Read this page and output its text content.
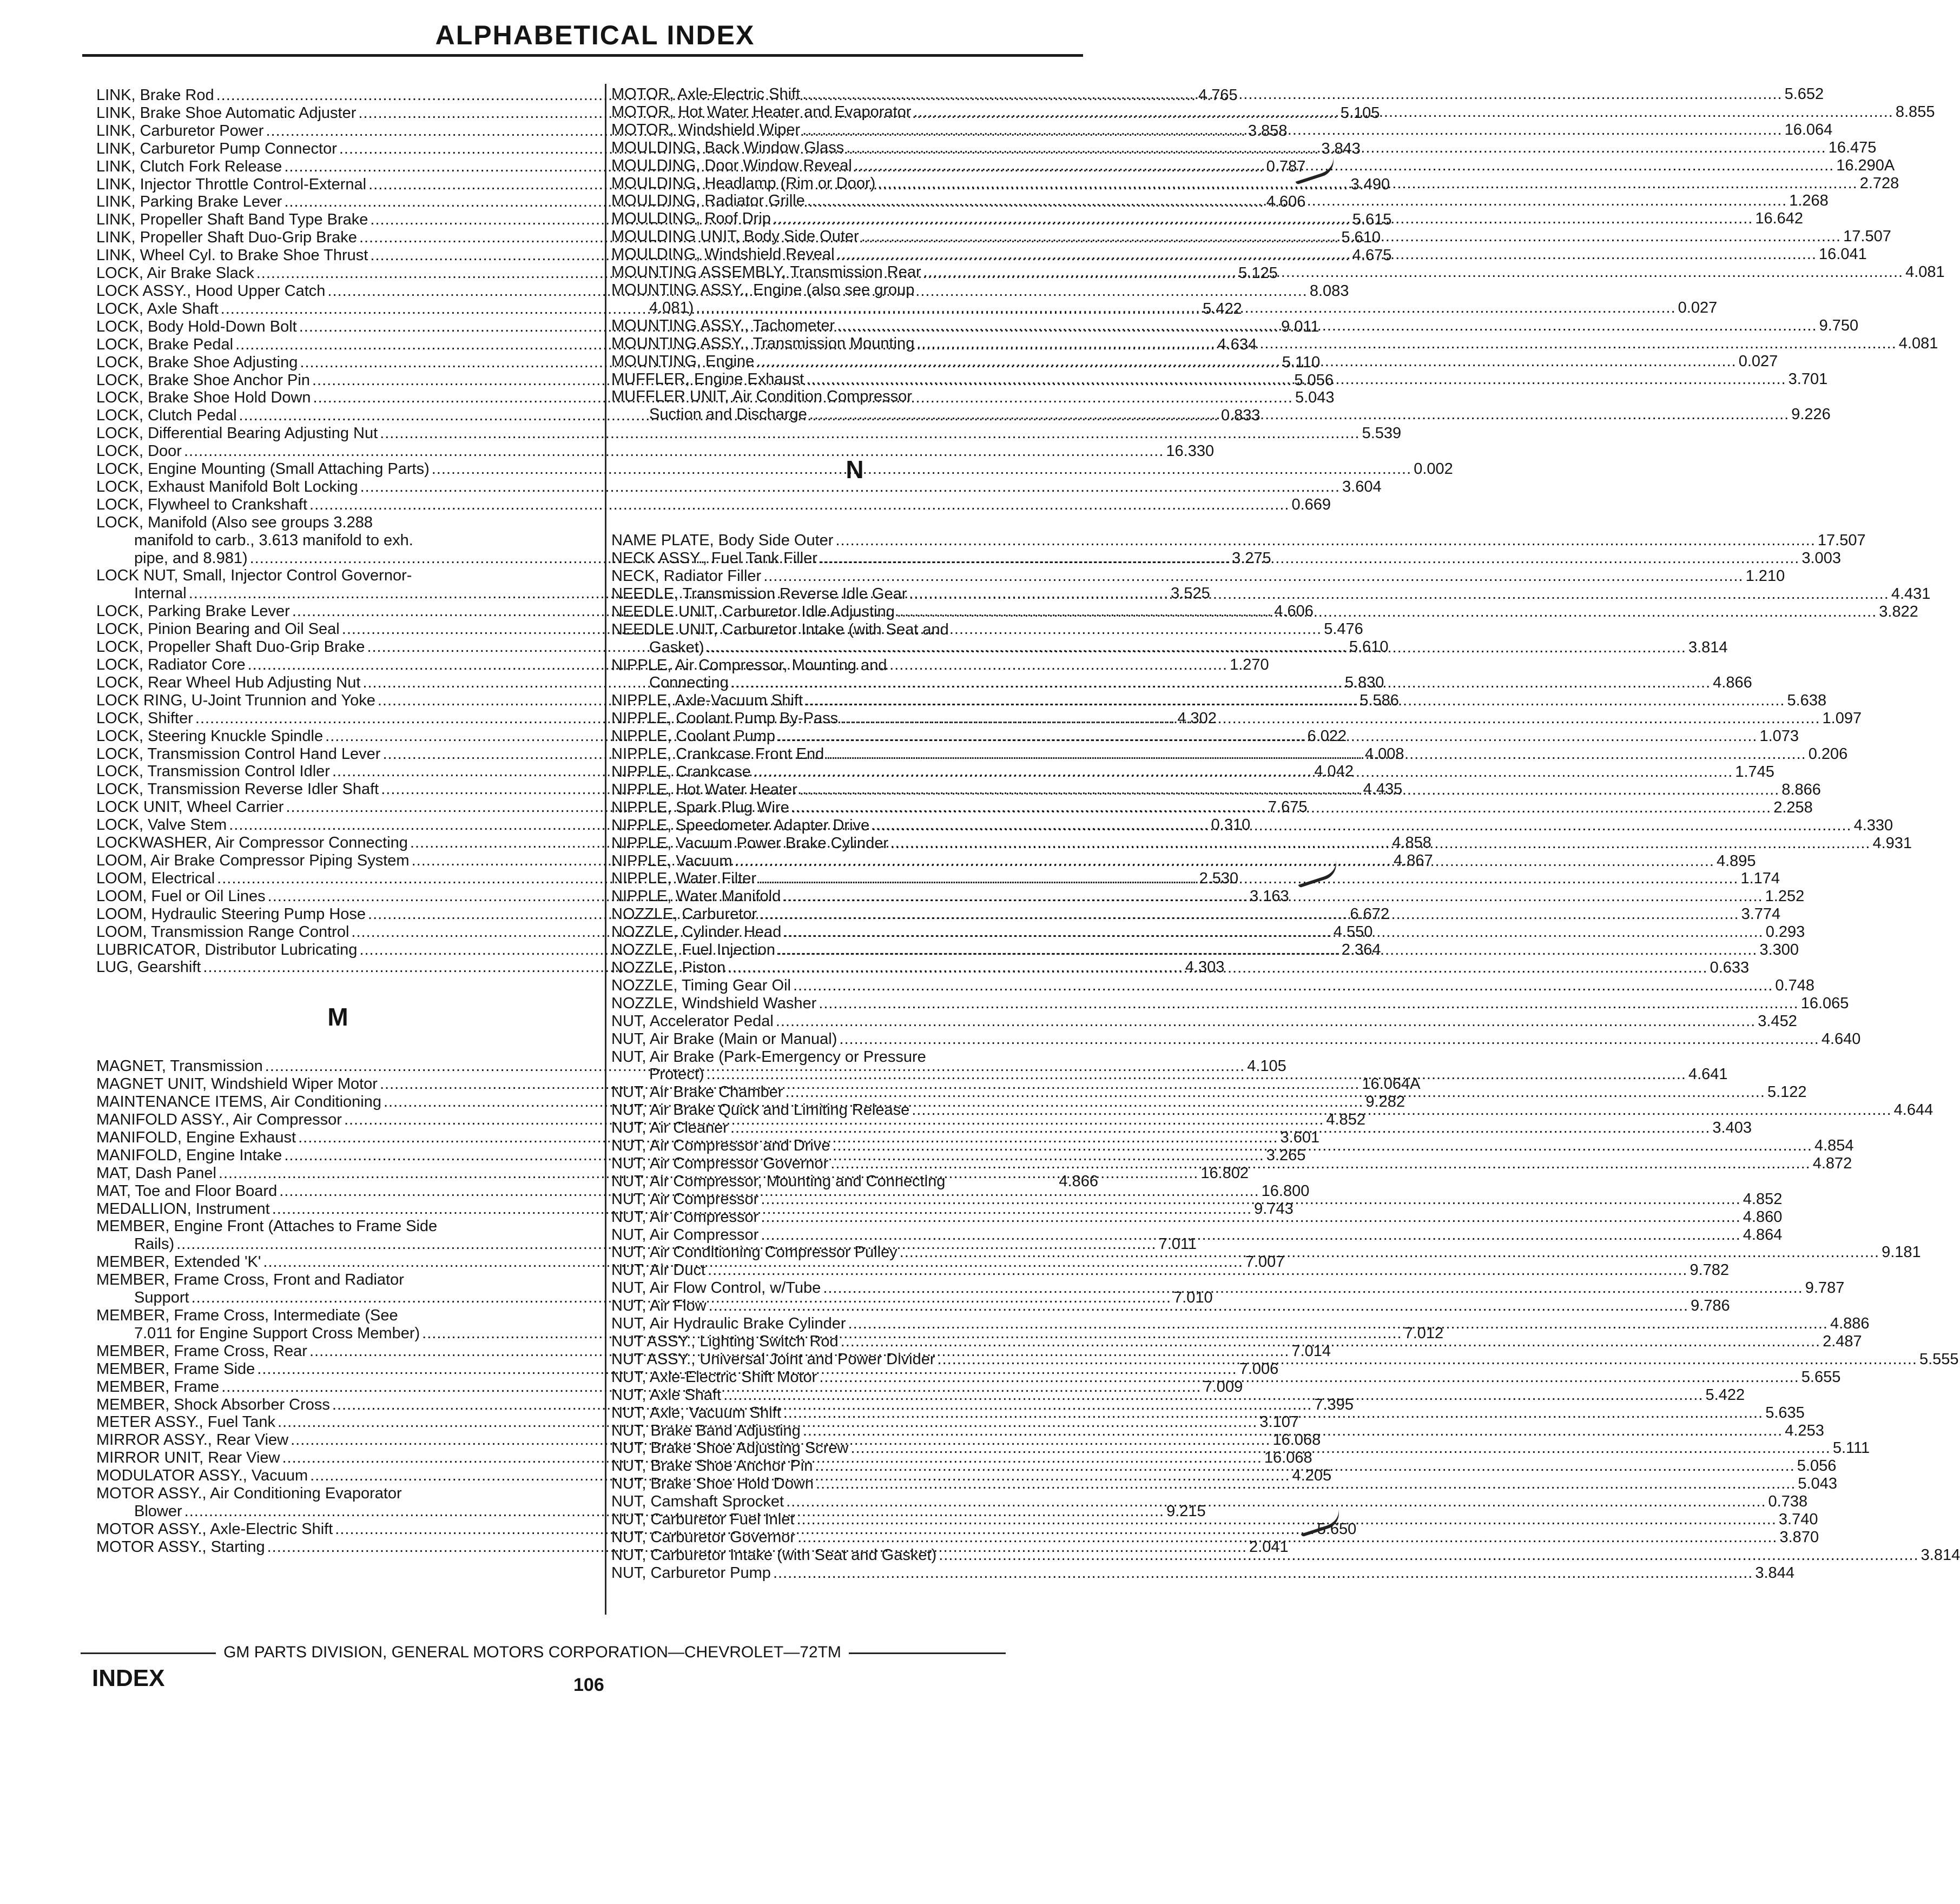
ALPHABETICAL INDEX
LINK, Brake Rod .....	4.765
LINK, Brake Shoe Automatic Adjuster .....	5.105
LINK, Carburetor Power .....	3.858
LINK, Carburetor Pump Connector .....	3.843
LINK, Clutch Fork Release .....	0.787
LINK, Injector Throttle Control-External .....	3.490
LINK, Parking Brake Lever .....	4.606
LINK, Propeller Shaft Band Type Brake .....	5.615
LINK, Propeller Shaft Duo-Grip Brake .....	5.610
LINK, Wheel Cyl. to Brake Shoe Thrust .....	4.675
LOCK, Air Brake Slack .....	5.125
LOCK ASSY., Hood Upper Catch .....	8.083
LOCK, Axle Shaft .....	5.422
LOCK, Body Hold-Down Bolt .....	9.011
LOCK, Brake Pedal .....	4.634
LOCK, Brake Shoe Adjusting .....	5.110
LOCK, Brake Shoe Anchor Pin .....	5.056
LOCK, Brake Shoe Hold Down .....	5.043
LOCK, Clutch Pedal .....	0.833
LOCK, Differential Bearing Adjusting Nut .....	5.539
LOCK, Door .....	16.330
LOCK, Engine Mounting (Small Attaching Parts) .....	0.002
LOCK, Exhaust Manifold Bolt Locking .....	3.604
LOCK, Flywheel to Crankshaft .....	0.669
LOCK, Manifold (Also see groups 3.288
manifold to carb., 3.613 manifold to exh.
pipe, and 8.981) .....	3.275
LOCK NUT, Small, Injector Control Governor-
Internal .....	3.525
LOCK, Parking Brake Lever .....	4.606
LOCK, Pinion Bearing and Oil Seal .....	5.476
LOCK, Propeller Shaft Duo-Grip Brake .....	5.610
LOCK, Radiator Core .....	1.270
LOCK, Rear Wheel Hub Adjusting Nut .....	5.830
LOCK RING, U-Joint Trunnion and Yoke .....	5.586
LOCK, Shifter .....	4.302
LOCK, Steering Knuckle Spindle .....	6.022
LOCK, Transmission Control Hand Lever .....	4.008
LOCK, Transmission Control Idler .....	4.042
LOCK, Transmission Reverse Idler Shaft .....	4.435
LOCK UNIT, Wheel Carrier .....	7.675
LOCK, Valve Stem .....	0.310
LOCKWASHER, Air Compressor Connecting .....	4.858
LOOM, Air Brake Compressor Piping System .....	4.867
LOOM, Electrical .....	2.530
LOOM, Fuel or Oil Lines .....	3.163
LOOM, Hydraulic Steering Pump Hose .....	6.672
LOOM, Transmission Range Control .....	4.550
LUBRICATOR, Distributor Lubricating .....	2.364
LUG, Gearshift .....	4.303
M
MAGNET, Transmission .....	4.105
MAGNET UNIT, Windshield Wiper Motor .....	16.064A
MAINTENANCE ITEMS, Air Conditioning .....	9.282
MANIFOLD ASSY., Air Compressor .....	4.852
MANIFOLD, Engine Exhaust .....	3.601
MANIFOLD, Engine Intake .....	3.265
MAT, Dash Panel .....	16.802
MAT, Toe and Floor Board .....	16.800
MEDALLION, Instrument .....	9.743
MEMBER, Engine Front (Attaches to Frame Side
Rails) .....	7.011
MEMBER, Extended 'K' .....	7.007
MEMBER, Frame Cross, Front and Radiator
Support .....	7.010
MEMBER, Frame Cross, Intermediate (See
7.011 for Engine Support Cross Member) .....	7.012
MEMBER, Frame Cross, Rear .....	7.014
MEMBER, Frame Side .....	7.006
MEMBER, Frame .....	7.009
MEMBER, Shock Absorber Cross .....	7.395
METER ASSY., Fuel Tank .....	3.107
MIRROR ASSY., Rear View .....	16.068
MIRROR UNIT, Rear View .....	16.068
MODULATOR ASSY., Vacuum .....	4.205
MOTOR ASSY., Air Conditioning Evaporator
Blower .....	9.215
MOTOR ASSY., Axle-Electric Shift .....	5.650
MOTOR ASSY., Starting .....	2.041
MOTOR, Axle-Electric Shift .....	5.652
MOTOR, Hot Water Heater and Evaporator .....	8.855
MOTOR, Windshield Wiper .....	16.064
MOULDING, Back Window Glass .....	16.475
MOULDING, Door Window Reveal .....	16.290A
MOULDING, Headlamp (Rim or Door) .....	2.728
MOULDING, Radiator Grille .....	1.268
MOULDING, Roof Drip .....	16.642
MOULDING UNIT, Body Side Outer .....	17.507
MOULDING, Windshield Reveal .....	16.041
MOUNTING ASSEMBLY, Transmission Rear .....	4.081
MOUNTING ASSY., Engine (also see group
4.081) .....	0.027
MOUNTING ASSY., Tachometer .....	9.750
MOUNTING ASSY., Transmission Mounting .....	4.081
MOUNTING, Engine .....	0.027
MUFFLER, Engine Exhaust .....	3.701
MUFFLER UNIT, Air Condition Compressor
Suction and Discharge .....	9.226
N
NAME PLATE, Body Side Outer .....	17.507
NECK ASSY., Fuel Tank Filler .....	3.003
NECK, Radiator Filler .....	1.210
NEEDLE, Transmission Reverse Idle Gear .....	4.431
NEEDLE UNIT, Carburetor Idle Adjusting .....	3.822
NEEDLE UNIT, Carburetor Intake (with Seat and
Gasket) .....	3.814
NIPPLE, Air Compressor, Mounting and
Connecting .....	4.866
NIPPLE, Axle-Vacuum Shift .....	5.638
NIPPLE, Coolant Pump By-Pass .....	1.097
NIPPLE, Coolant Pump .....	1.073
NIPPLE, Crankcase Front End .....	0.206
NIPPLE, Crankcase .....	1.745
NIPPLE, Hot Water Heater .....	8.866
NIPPLE, Spark Plug Wire .....	2.258
NIPPLE, Speedometer Adapter Drive .....	4.330
NIPPLE, Vacuum Power Brake Cylinder .....	4.931
NIPPLE, Vacuum .....	4.895
NIPPLE, Water Filter .....	1.174
NIPPLE, Water Manifold .....	1.252
NOZZLE, Carburetor .....	3.774
NOZZLE, Cylinder Head .....	0.293
NOZZLE, Fuel Injection .....	3.300
NOZZLE, Piston .....	0.633
NOZZLE, Timing Gear Oil .....	0.748
NOZZLE, Windshield Washer .....	16.065
NUT, Accelerator Pedal .....	3.452
NUT, Air Brake (Main or Manual) .....	4.640
NUT, Air Brake (Park-Emergency or Pressure
Protect) .....	4.641
NUT, Air Brake Chamber .....	5.122
NUT, Air Brake Quick and Limiting Release .....	4.644
NUT, Air Cleaner .....	3.403
NUT, Air Compressor and Drive .....	4.854
NUT, Air Compressor Governor .....	4.872
NUT, Air Compressor, Mounting and Connecting	4.866
NUT, Air Compressor .....	4.852
NUT, Air Compressor .....	4.860
NUT, Air Compressor .....	4.864
NUT, Air Conditioning Compressor Pulley .....	9.181
NUT, Air Duct .....	9.782
NUT, Air Flow Control, w/Tube .....	9.787
NUT, Air Flow .....	9.786
NUT, Air Hydraulic Brake Cylinder .....	4.886
NUT ASSY., Lighting Switch Rod .....	2.487
NUT ASSY., Universal Joint and Power Divider .....	5.555
NUT, Axle-Electric Shift Motor .....	5.655
NUT, Axle Shaft .....	5.422
NUT, Axle, Vacuum Shift .....	5.635
NUT, Brake Band Adjusting .....	4.253
NUT, Brake Shoe Adjusting Screw .....	5.111
NUT, Brake Shoe Anchor Pin .....	5.056
NUT, Brake Shoe Hold Down .....	5.043
NUT, Camshaft Sprocket .....	0.738
NUT, Carburetor Fuel Inlet .....	3.740
NUT, Carburetor Governor .....	3.870
NUT, Carburetor Intake (with Seat and Gasket) .....	3.814
NUT, Carburetor Pump .....	3.844
GM PARTS DIVISION, GENERAL MOTORS CORPORATION—CHEVROLET—72TM
INDEX	106
